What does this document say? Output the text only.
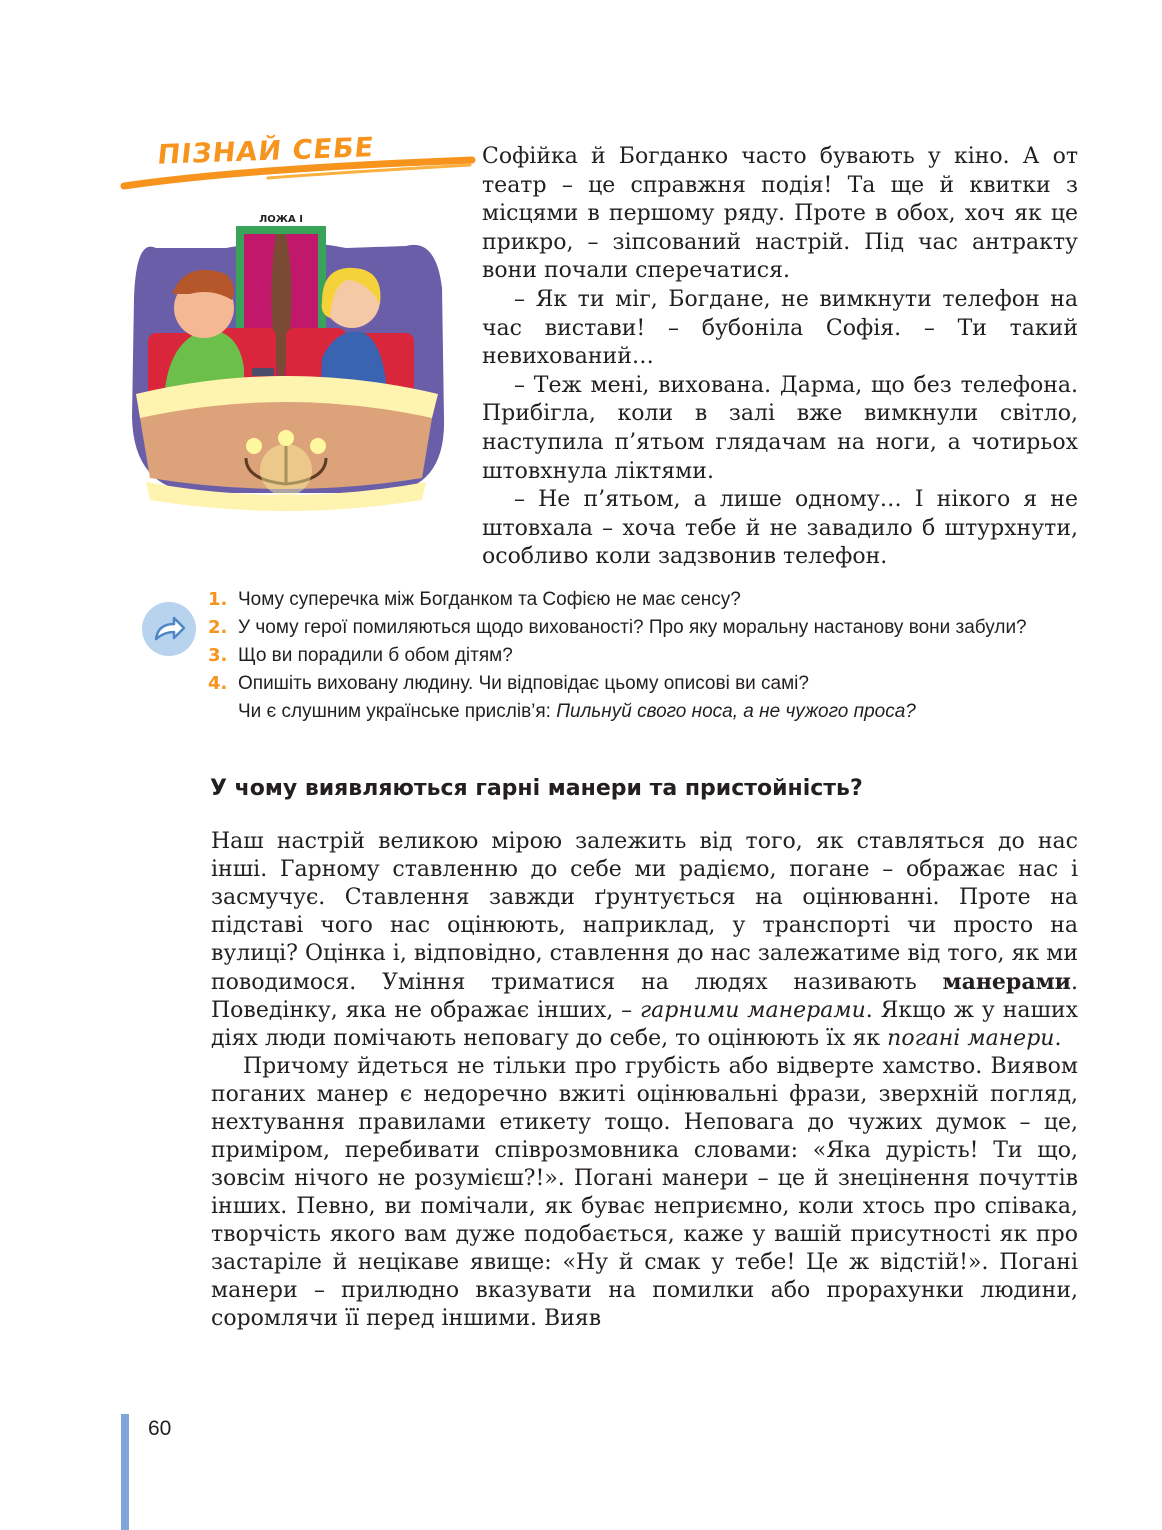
ПІЗНАЙ СЕБЕ
ЛОЖА І

Софійка й Богданко часто бувають у кіно. А от театр – це справжня подія! Та ще й квитки з місцями в першому ряду. Проте в обох, хоч як це прикро, – зіпсований настрій. Під час антракту вони почали сперечатися.

– Як ти міг, Богдане, не вимкнути телефон на час вистави! – бубоніла Софія. – Ти такий невихований…

– Теж мені, вихована. Дарма, що без телефона. Прибігла, коли в залі вже вимкнули світло, наступила п’ятьом глядачам на ноги, а чотирьох штовхнула ліктями.

– Не п’ятьом, а лише одному… І нікого я не штовхала – хоча тебе й не завадило б штурхнути, особливо коли задзвонив телефон.

1. Чому суперечка між Богданком та Софією не має сенсу?
2. У чому герої помиляються щодо вихованості? Про яку моральну настанову вони забули?
3. Що ви порадили б обом дітям?
4. Опишіть виховану людину. Чи відповідає цьому описові ви самі?
Чи є слушним українське прислів’я: Пильнуй свого носа, а не чужого проса?
У чому виявляються гарні манери та пристойність?

Наш настрій великою мірою залежить від того, як ставляться до нас інші. Гарному ставленню до себе ми радіємо, погане – ображає нас і засмучує. Ставлення завжди ґрунтується на оцінюванні. Проте на підставі чого нас оцінюють, наприклад, у транспорті чи просто на вулиці? Оцінка і, відповідно, ставлення до нас залежатиме від того, як ми поводимося. Уміння триматися на людях називають манерами. Поведінку, яка не ображає інших, – гарними манерами. Якщо ж у наших діях люди помічають неповагу до себе, то оцінюють їх як погані манери.

Причому йдеться не тільки про грубість або відверте хамство. Виявом поганих манер є недоречно вжиті оцінювальні фрази, зверхній погляд, нехтування правилами етикету тощо. Неповага до чужих думок – це, приміром, перебивати співрозмовника словами: «Яка дурість! Ти що, зовсім нічого не розумієш?!». Погані манери – це й знецінення почуттів інших. Певно, ви помічали, як буває неприємно, коли хтось про співака, творчість якого вам дуже подобається, каже у вашій присутності як про застаріле й нецікаве явище: «Ну й смак у тебе! Це ж відстій!». Погані манери – прилюдно вказувати на помилки або прорахунки людини, соромлячи її перед іншими. Вияв

60
